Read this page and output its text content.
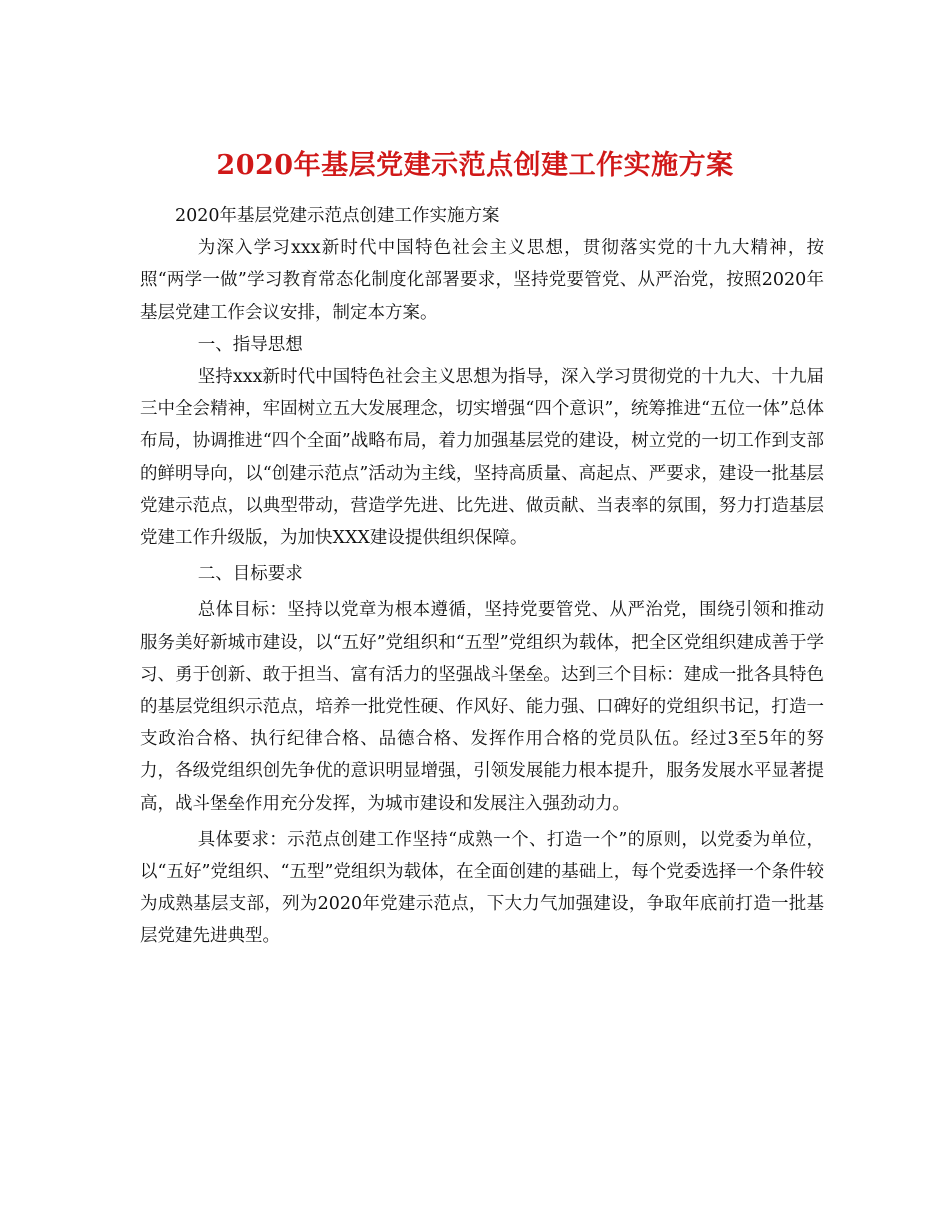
2020年基层党建示范点创建工作实施方案

2020年基层党建示范点创建工作实施方案

为深入学习xxx新时代中国特色社会主义思想，贯彻落实党的十九大精神，按照“两学一做”学习教育常态化制度化部署要求，坚持党要管党、从严治党，按照2020年基层党建工作会议安排，制定本方案。

一、指导思想

坚持xxx新时代中国特色社会主义思想为指导，深入学习贯彻党的十九大、十九届三中全会精神，牢固树立五大发展理念，切实增强“四个意识”，统筹推进“五位一体”总体布局，协调推进“四个全面”战略布局，着力加强基层党的建设，树立党的一切工作到支部的鲜明导向，以“创建示范点”活动为主线，坚持高质量、高起点、严要求，建设一批基层党建示范点，以典型带动，营造学先进、比先进、做贡献、当表率的氛围，努力打造基层党建工作升级版，为加快XXX建设提供组织保障。

二、目标要求

总体目标：坚持以党章为根本遵循，坚持党要管党、从严治党，围绕引领和推动服务美好新城市建设，以“五好”党组织和“五型”党组织为载体，把全区党组织建成善于学习、勇于创新、敢于担当、富有活力的坚强战斗堡垒。达到三个目标：建成一批各具特色的基层党组织示范点，培养一批党性硬、作风好、能力强、口碑好的党组织书记，打造一支政治合格、执行纪律合格、品德合格、发挥作用合格的党员队伍。经过3至5年的努力，各级党组织创先争优的意识明显增强，引领发展能力根本提升，服务发展水平显著提高，战斗堡垒作用充分发挥，为城市建设和发展注入强劲动力。

具体要求：示范点创建工作坚持“成熟一个、打造一个”的原则，以党委为单位，以“五好”党组织、“五型”党组织为载体，在全面创建的基础上，每个党委选择一个条件较为成熟基层支部，列为2020年党建示范点，下大力气加强建设，争取年底前打造一批基层党建先进典型。
